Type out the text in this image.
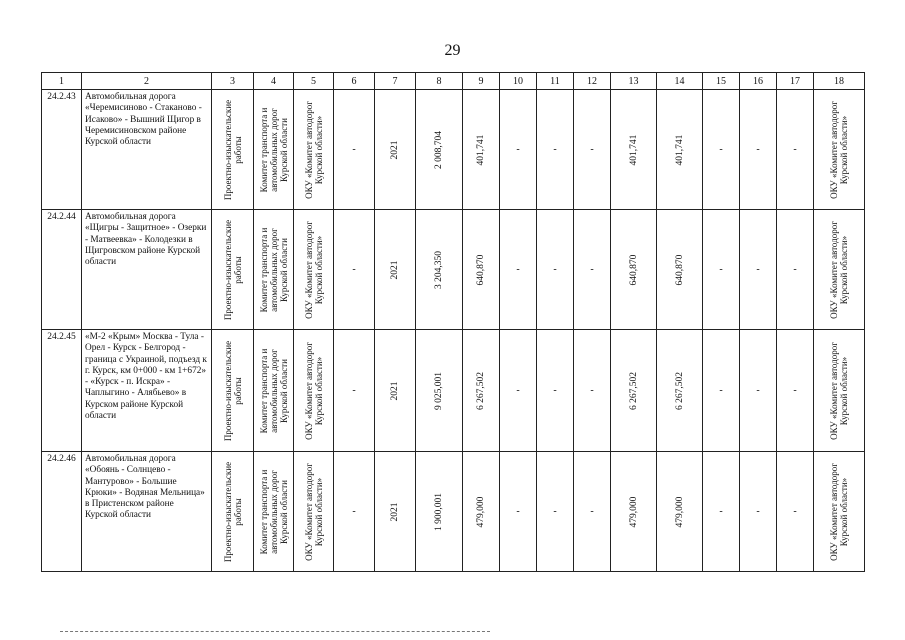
29
1	2	3	4	5	6	7	8	9	10	11	12	13	14	15	16	17	18
24.2.43	Автомобильная дорога «Черемисиново - Стаканово - Исаково» - Вышний Щигор в Черемисиновском районе Курской области	Проектно-изыскательские работы	Комитет транспорта и автомобильных дорог Курской области	ОКУ «Комитет автодорог Курской области»	-	2021	2 008,704	401,741	-	-	-	401,741	401,741	-	-	-	ОКУ «Комитет автодорог Курской области»

24.2.44	Автомобильная дорога «Щигры - Защитное» - Озерки - Матвеевка» - Колодезки в Щигровском районе Курской области	Проектно-изыскательские работы	Комитет транспорта и автомобильных дорог Курской области	ОКУ «Комитет автодорог Курской области»	-	2021	3 204,350	640,870	-	-	-	640,870	640,870	-	-	-	ОКУ «Комитет автодорог Курской области»

24.2.45	«М-2 «Крым» Москва - Тула - Орел - Курск - Белгород - граница с Украиной, подъезд к г. Курск, км 0+000 - км 1+672» - «Курск - п. Искра» - Чаплыгино - Алябьево» в Курском районе Курской области	Проектно-изыскательские работы	Комитет транспорта и автомобильных дорог Курской области	ОКУ «Комитет автодорог Курской области»	-	2021	9 025,001	6 267,502	-	-	-	6 267,502	6 267,502	-	-	-	ОКУ «Комитет автодорог Курской области»

24.2.46	Автомобильная дорога «Обоянь - Солнцево - Мантурово» - Большие Крюки» - Водяная Мельница» в Пристенском районе Курской области	Проектно-изыскательские работы	Комитет транспорта и автомобильных дорог Курской области	ОКУ «Комитет автодорог Курской области»	-	2021	1 900,001	479,000	-	-	-	479,000	479,000	-	-	-	ОКУ «Комитет автодорог Курской области»
